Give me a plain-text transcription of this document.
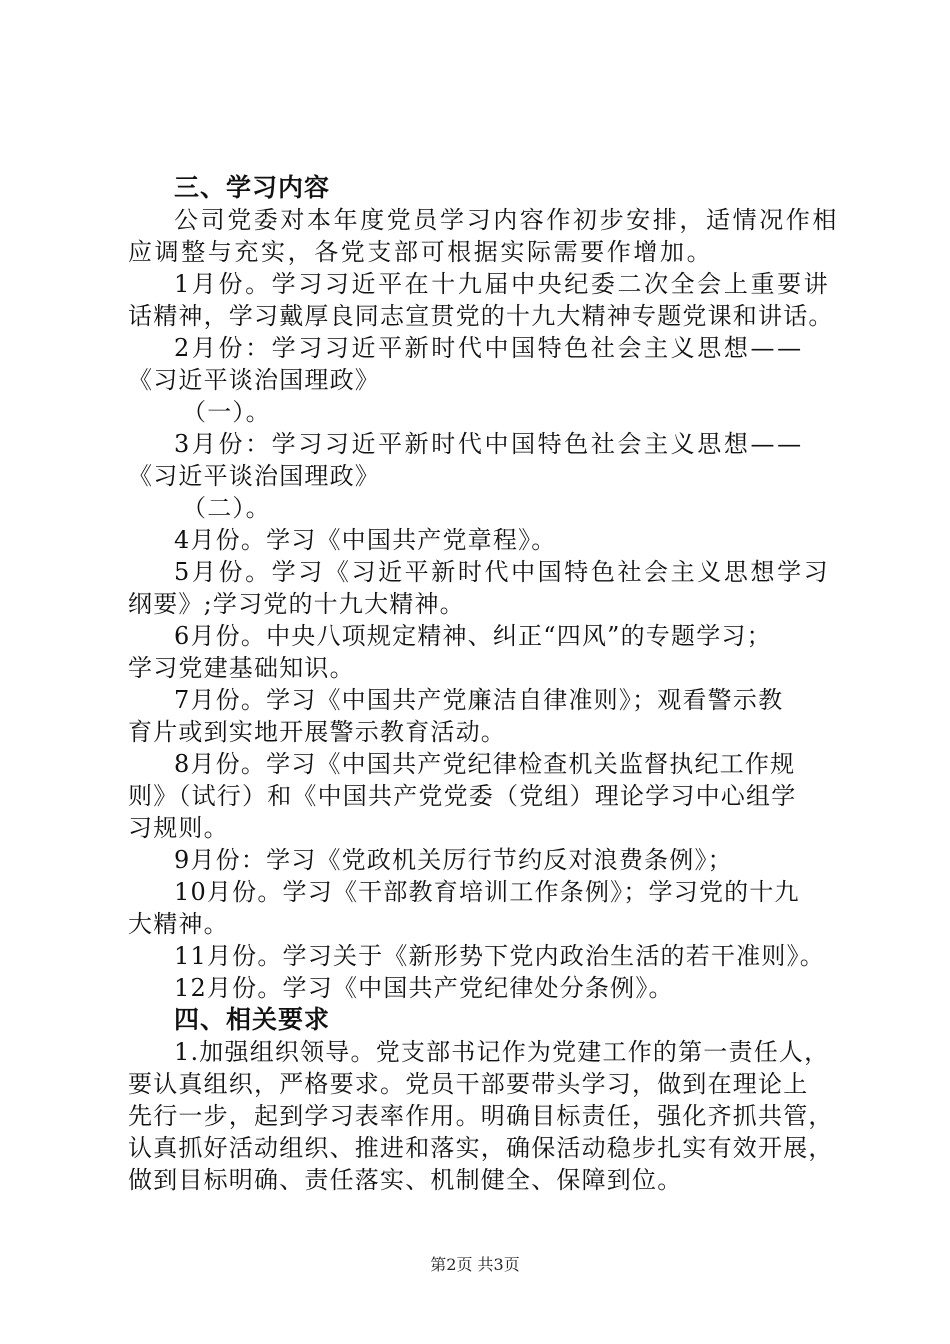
三、学习内容
公司党委对本年度党员学习内容作初步安排，适情况作相
应调整与充实，各党支部可根据实际需要作增加。
1月份。学习习近平在十九届中央纪委二次全会上重要讲
话精神，学习戴厚良同志宣贯党的十九大精神专题党课和讲话。
2月份：学习习近平新时代中国特色社会主义思想——
《习近平谈治国理政》
（一）。
3月份：学习习近平新时代中国特色社会主义思想——
《习近平谈治国理政》
（二）。
4月份。学习《中国共产党章程》。
5月份。学习《习近平新时代中国特色社会主义思想学习
纲要》;学习党的十九大精神。
6月份。中央八项规定精神、纠正“四风”的专题学习；
学习党建基础知识。
7月份。学习《中国共产党廉洁自律准则》；观看警示教
育片或到实地开展警示教育活动。
8月份。学习《中国共产党纪律检查机关监督执纪工作规
则》（试行）和《中国共产党党委（党组）理论学习中心组学
习规则。
9月份：学习《党政机关厉行节约反对浪费条例》；
10月份。学习《干部教育培训工作条例》；学习党的十九
大精神。
11月份。学习关于《新形势下党内政治生活的若干准则》。
12月份。学习《中国共产党纪律处分条例》。
四、相关要求
1.加强组织领导。党支部书记作为党建工作的第一责任人，
要认真组织，严格要求。党员干部要带头学习，做到在理论上
先行一步，起到学习表率作用。明确目标责任，强化齐抓共管，
认真抓好活动组织、推进和落实，确保活动稳步扎实有效开展，
做到目标明确、责任落实、机制健全、保障到位。
第2页 共3页
